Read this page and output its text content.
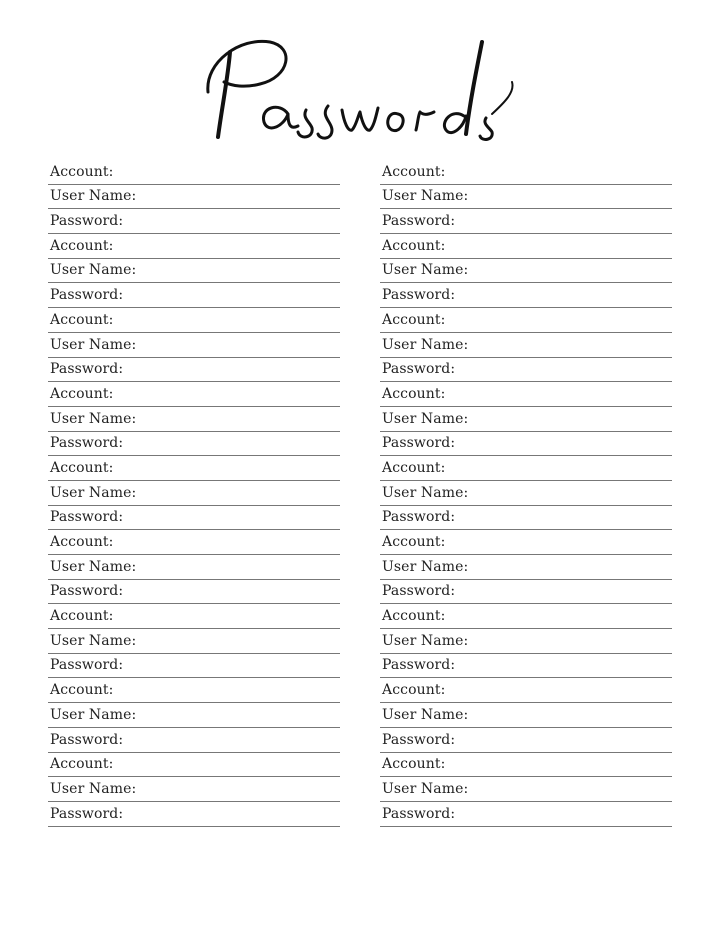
Account:
User Name:
Password:
Account:
User Name:
Password:
Account:
User Name:
Password:
Account:
User Name:
Password:
Account:
User Name:
Password:
Account:
User Name:
Password:
Account:
User Name:
Password:
Account:
User Name:
Password:
Account:
User Name:
Password:
Account:
User Name:
Password:
Account:
User Name:
Password:
Account:
User Name:
Password:
Account:
User Name:
Password:
Account:
User Name:
Password:
Account:
User Name:
Password:
Account:
User Name:
Password:
Account:
User Name:
Password:
Account:
User Name:
Password:
